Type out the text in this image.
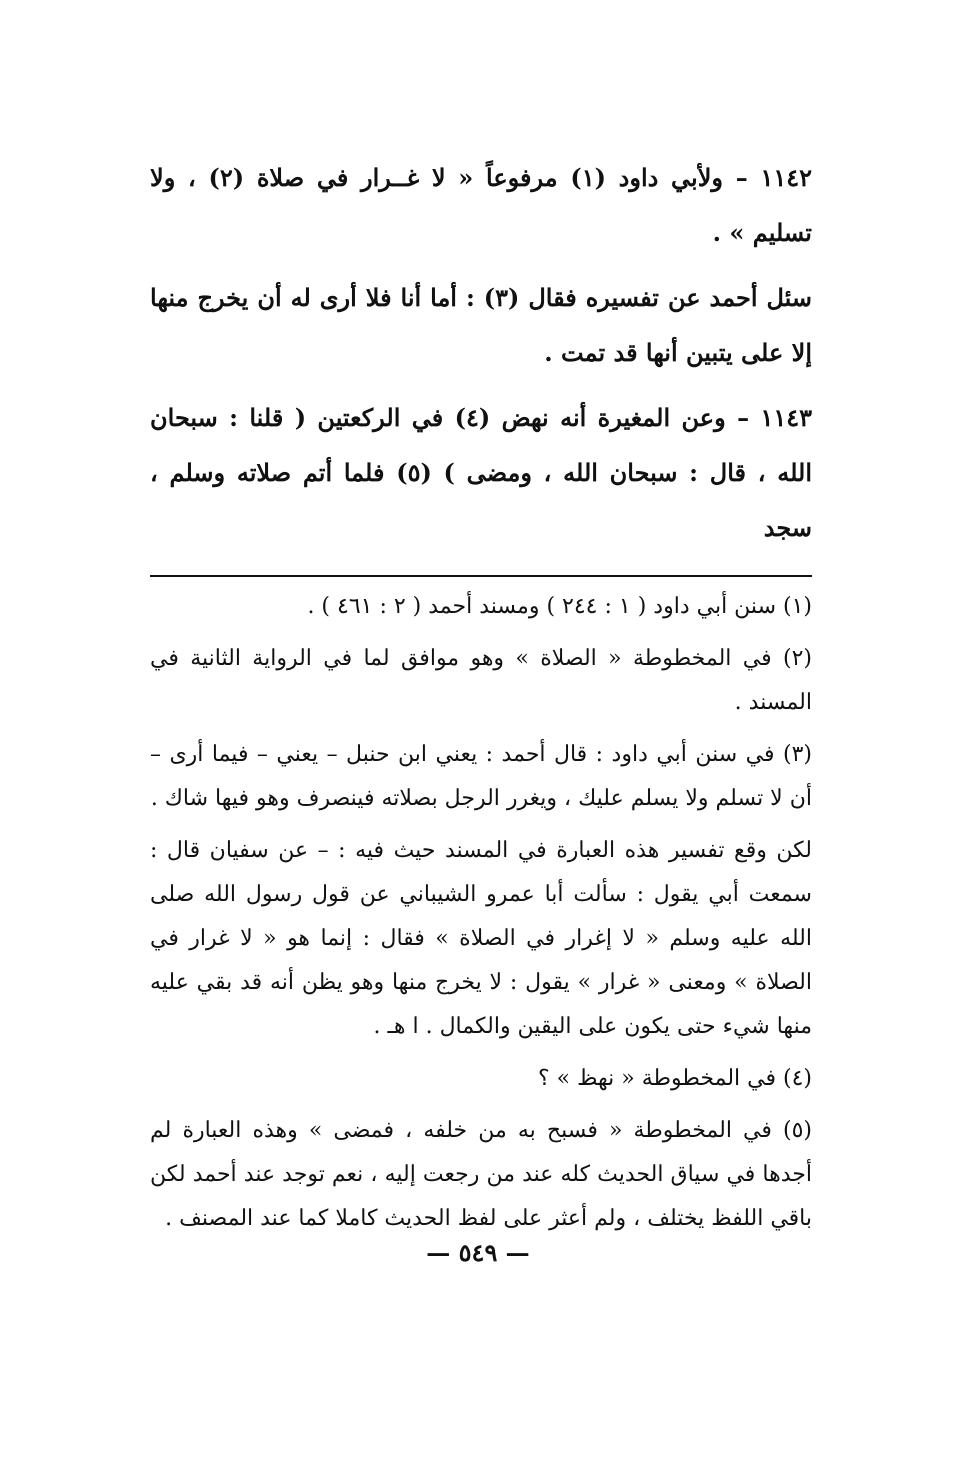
١١٤٢ – ولأبي داود (١) مرفوعاً « لا غــرار في صلاة (٢) ، ولا تسليم » .

سئل أحمد عن تفسيره فقال (٣) : أما أنا فلا أرى له أن يخرج منها إلا على يتبين أنها قد تمت .

١١٤٣ – وعن المغيرة أنه نهض (٤) في الركعتين ( قلنا : سبحان الله ، قال : سبحان الله ، ومضى ) (٥) فلما أتم صلاته وسلم ، سجد

(١) سنن أبي داود ( ١ : ٢٤٤ ) ومسند أحمد ( ٢ : ٤٦١ ) .

(٢) في المخطوطة « الصلاة » وهو موافق لما في الرواية الثانية في المسند .

(٣) في سنن أبي داود : قال أحمد : يعني ابن حنبل – يعني – فيما أرى – أن لا تسلم ولا يسلم عليك ، ويغرر الرجل بصلاته فينصرف وهو فيها شاك .

لكن وقع تفسير هذه العبارة في المسند حيث فيه : – عن سفيان قال : سمعت أبي يقول : سألت أبا عمرو الشيباني عن قول رسول الله صلى الله عليه وسلم « لا إغرار في الصلاة » فقال : إنما هو « لا غرار في الصلاة » ومعنى « غرار » يقول : لا يخرج منها وهو يظن أنه قد بقي عليه منها شيء حتى يكون على اليقين والكمال . ا هـ .

(٤) في المخطوطة « نهظ » ؟

(٥) في المخطوطة « فسبح به من خلفه ، فمضى » وهذه العبارة لم أجدها في سياق الحديث كله عند من رجعت إليه ، نعم توجد عند أحمد لكن باقي اللفظ يختلف ، ولم أعثر على لفظ الحديث كاملا كما عند المصنف .

— ٥٤٩ —
